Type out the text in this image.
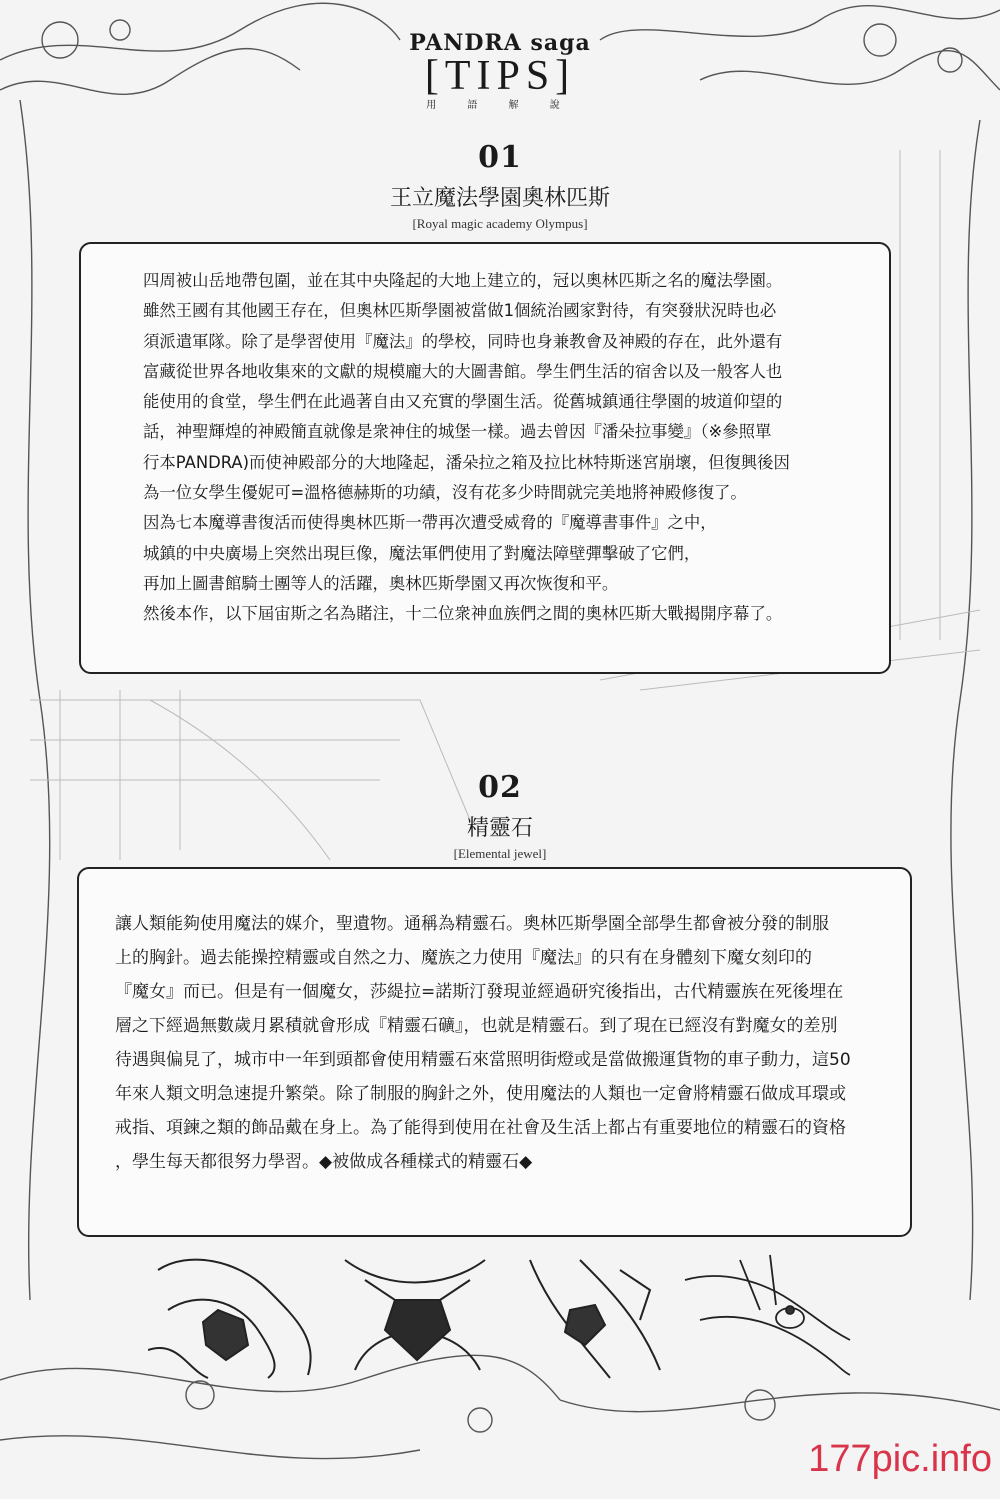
PANDRA saga
[TIPS]
用 語 解 說
01
王立魔法學園奧林匹斯
[Royal magic academy Olympus]

四周被山岳地帶包圍，並在其中央隆起的大地上建立的，冠以奧林匹斯之名的魔法學園。

雖然王國有其他國王存在，但奧林匹斯學園被當做1個統治國家對待，有突發狀況時也必

須派遣軍隊。除了是學習使用『魔法』的學校，同時也身兼教會及神殿的存在，此外還有

富藏從世界各地收集來的文獻的規模龐大的大圖書館。學生們生活的宿舍以及一般客人也

能使用的食堂，學生們在此過著自由又充實的學園生活。從舊城鎮通往學園的坡道仰望的

話，神聖輝煌的神殿簡直就像是衆神住的城堡一樣。過去曾因『潘朵拉事變』（※參照單

行本PANDRA)而使神殿部分的大地隆起，潘朵拉之箱及拉比林特斯迷宮崩壞，但復興後因

為一位女學生優妮可=溫格德赫斯的功績，沒有花多少時間就完美地將神殿修復了。

因為七本魔導書復活而使得奧林匹斯一帶再次遭受威脅的『魔導書事件』之中，

城鎮的中央廣場上突然出現巨像，魔法軍們使用了對魔法障壁彈擊破了它們，

再加上圖書館騎士團等人的活躍，奧林匹斯學園又再次恢復和平。

然後本作，以下屆宙斯之名為賭注，十二位衆神血族們之間的奧林匹斯大戰揭開序幕了。

02
精靈石
[Elemental jewel]

讓人類能夠使用魔法的媒介，聖遺物。通稱為精靈石。奧林匹斯學園全部學生都會被分發的制服

上的胸針。過去能操控精靈或自然之力、魔族之力使用『魔法』的只有在身體刻下魔女刻印的

『魔女』而已。但是有一個魔女，莎緹拉=諾斯汀發現並經過研究後指出，古代精靈族在死後埋在

層之下經過無數歲月累積就會形成『精靈石礦』，也就是精靈石。到了現在已經沒有對魔女的差別

待遇與偏見了，城市中一年到頭都會使用精靈石來當照明街燈或是當做搬運貨物的車子動力，這50

年來人類文明急速提升繁榮。除了制服的胸針之外，使用魔法的人類也一定會將精靈石做成耳環或

戒指、項鍊之類的飾品戴在身上。為了能得到使用在社會及生活上都占有重要地位的精靈石的資格

，學生每天都很努力學習。◆被做成各種樣式的精靈石◆

177pic.info
